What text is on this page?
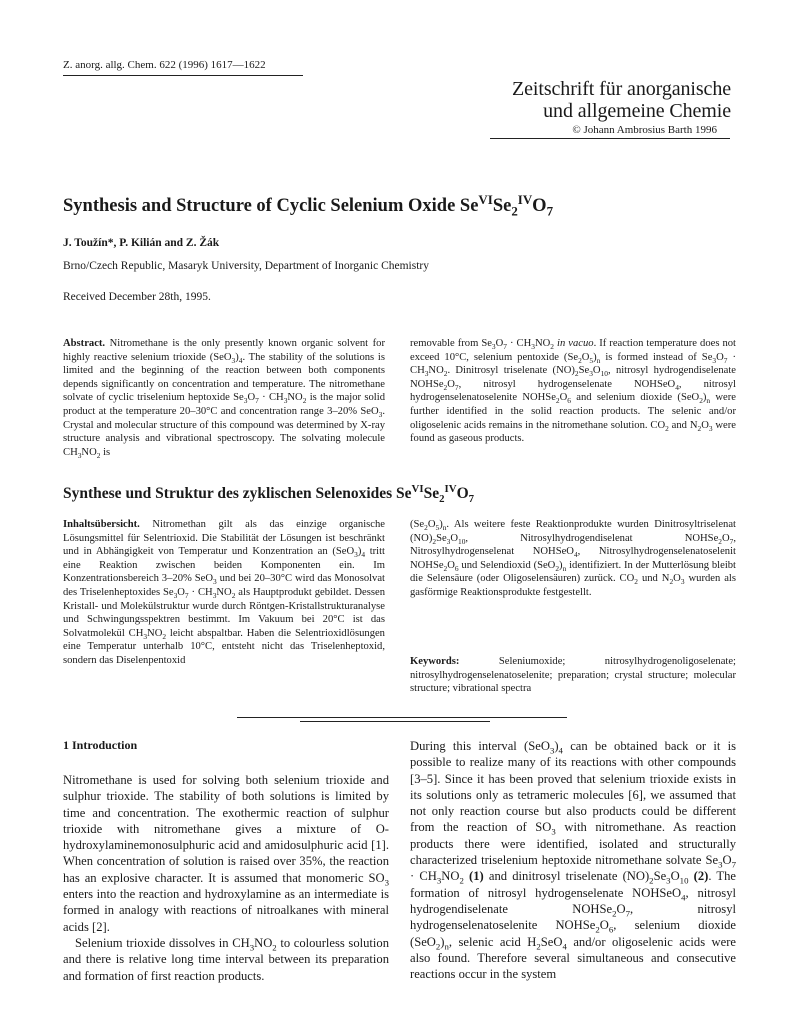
Z. anorg. allg. Chem. 622 (1996) 1617—1622
Zeitschrift für anorganische
und allgemeine Chemie
© Johann Ambrosius Barth 1996
Synthesis and Structure of Cyclic Selenium Oxide $Se^{VI}Se_2^{IV}O_7$
J. Toužín*, P. Kilián and Z. Žák
Brno/Czech Republic, Masaryk University, Department of Inorganic Chemistry
Received December 28th, 1995.
Abstract. Nitromethane is the only presently known organic solvent for highly reactive selenium trioxide $(SeO_3)_4$. The stability of the solutions is limited and the beginning of the reaction between both components depends significantly on concentration and temperature. The nitromethane solvate of cyclic triselenium heptoxide $Se_3O_7 \cdot CH_3NO_2$ is the major solid product at the temperature 20–30°C and concentration range 3–20% SeO$_3$. Crystal and molecular structure of this compound was determined by X-ray structure analysis and vibrational spectroscopy. The solvating molecule $CH_3NO_2$ is
removable from $Se_3O_7 \cdot CH_3NO_2$ in vacuo. If reaction temperature does not exceed 10°C, selenium pentoxide $(Se_2O_5)_n$ is formed instead of $Se_3O_7 \cdot CH_3NO_2$. Dinitrosyl triselenate $(NO)_2Se_3O_{10}$, nitrosyl hydrogendiselenate $NOHSe_2O_7$, nitrosyl hydrogenselenate NOHSeO$_4$, nitrosyl hydrogenselenatoselenite $NOHSe_2O_6$ and selenium dioxide $(SeO_2)_n$ were further identified in the solid reaction products. The selenic and/or oligoselenic acids remains in the nitromethane solution. $CO_2$ and $N_2O_3$ were found as gaseous products.
Synthese und Struktur des zyklischen Selenoxides $Se^{VI}Se_2^{IV}O_7$
Inhaltsübersicht. Nitromethan gilt als das einzige organische Lösungsmittel für Selentrioxid. Die Stabilität der Lösungen ist beschränkt und in Abhängigkeit von Temperatur und Konzentration an $(SeO_3)_4$ tritt eine Reaktion zwischen beiden Komponenten ein. Im Konzentrationsbereich 3–20% SeO$_3$ und bei 20–30°C wird das Monosolvat des Triselenheptoxides $Se_3O_7 \cdot CH_3NO_2$ als Hauptprodukt gebildet. Dessen Kristall- und Molekülstruktur wurde durch Röntgen-Kristallstrukturanalyse und Schwingungsspektren bestimmt. Im Vakuum bei 20°C ist das Solvatmolekül $CH_3NO_2$ leicht abspaltbar. Haben die Selentrioxidlösungen eine Temperatur unterhalb 10°C, entsteht nicht das Triselenheptoxid, sondern das Diselenpentoxid
$(Se_2O_5)_n$. Als weitere feste Reaktionprodukte wurden Dinitrosyltriselenat $(NO)_2Se_3O_{10}$, Nitrosylhydrogendiselenat $NOHSe_2O_7$, Nitrosylhydrogenselenat NOHSeO$_4$, Nitrosylhydrogenselenatoselenit $NOHSe_2O_6$ und Selendioxid $(SeO_2)_n$ identifiziert. In der Mutterlösung bleibt die Selensäure (oder Oligoselensäuren) zurück. $CO_2$ und $N_2O_3$ wurden als gasförmige Reaktionsprodukte festgestellt.
Keywords:	Seleniumoxide; nitrosylhydrogenoligoselenate; nitrosylhydrogenselenatoselenite; preparation; crystal structure; molecular structure; vibrational spectra
1 Introduction

Nitromethane is used for solving both selenium trioxide and sulphur trioxide. The stability of both solutions is limited by time and concentration. The exothermic reaction of sulphur trioxide with nitromethane gives a mixture of O-hydroxylaminemonosulphuric acid and amidosulphuric acid [1]. When concentration of solution is raised over 35%, the reaction has an explosive character. It is assumed that monomeric $SO_3$ enters into the reaction and hydroxylamine as an intermediate is formed in analogy with reactions of nitroalkanes with mineral acids [2].

Selenium trioxide dissolves in $CH_3NO_2$ to colourless solution and there is relative long time interval between its preparation and formation of first reaction products.

During this interval $(SeO_3)_4$ can be obtained back or it is possible to realize many of its reactions with other compounds [3–5]. Since it has been proved that selenium trioxide exists in its solutions only as tetrameric molecules [6], we assumed that not only reaction course but also products could be different from the reaction of $SO_3$ with nitromethane. As reaction products there were identified, isolated and structurally characterized triselenium heptoxide nitromethane solvate $Se_3O_7 \cdot CH_3NO_2$ (1) and dinitrosyl triselenate $(NO)_2Se_3O_{10}$ (2). The formation of nitrosyl hydrogenselenate NOHSeO$_4$, nitrosyl hydrogendiselenate $NOHSe_2O_7$, nitrosyl hydrogenselenatoselenite $NOHSe_2O_6$, selenium dioxide $(SeO_2)_n$, selenic acid $H_2SeO_4$ and/or oligoselenic acids were also found. Therefore several simultaneous and consecutive reactions occur in the system
